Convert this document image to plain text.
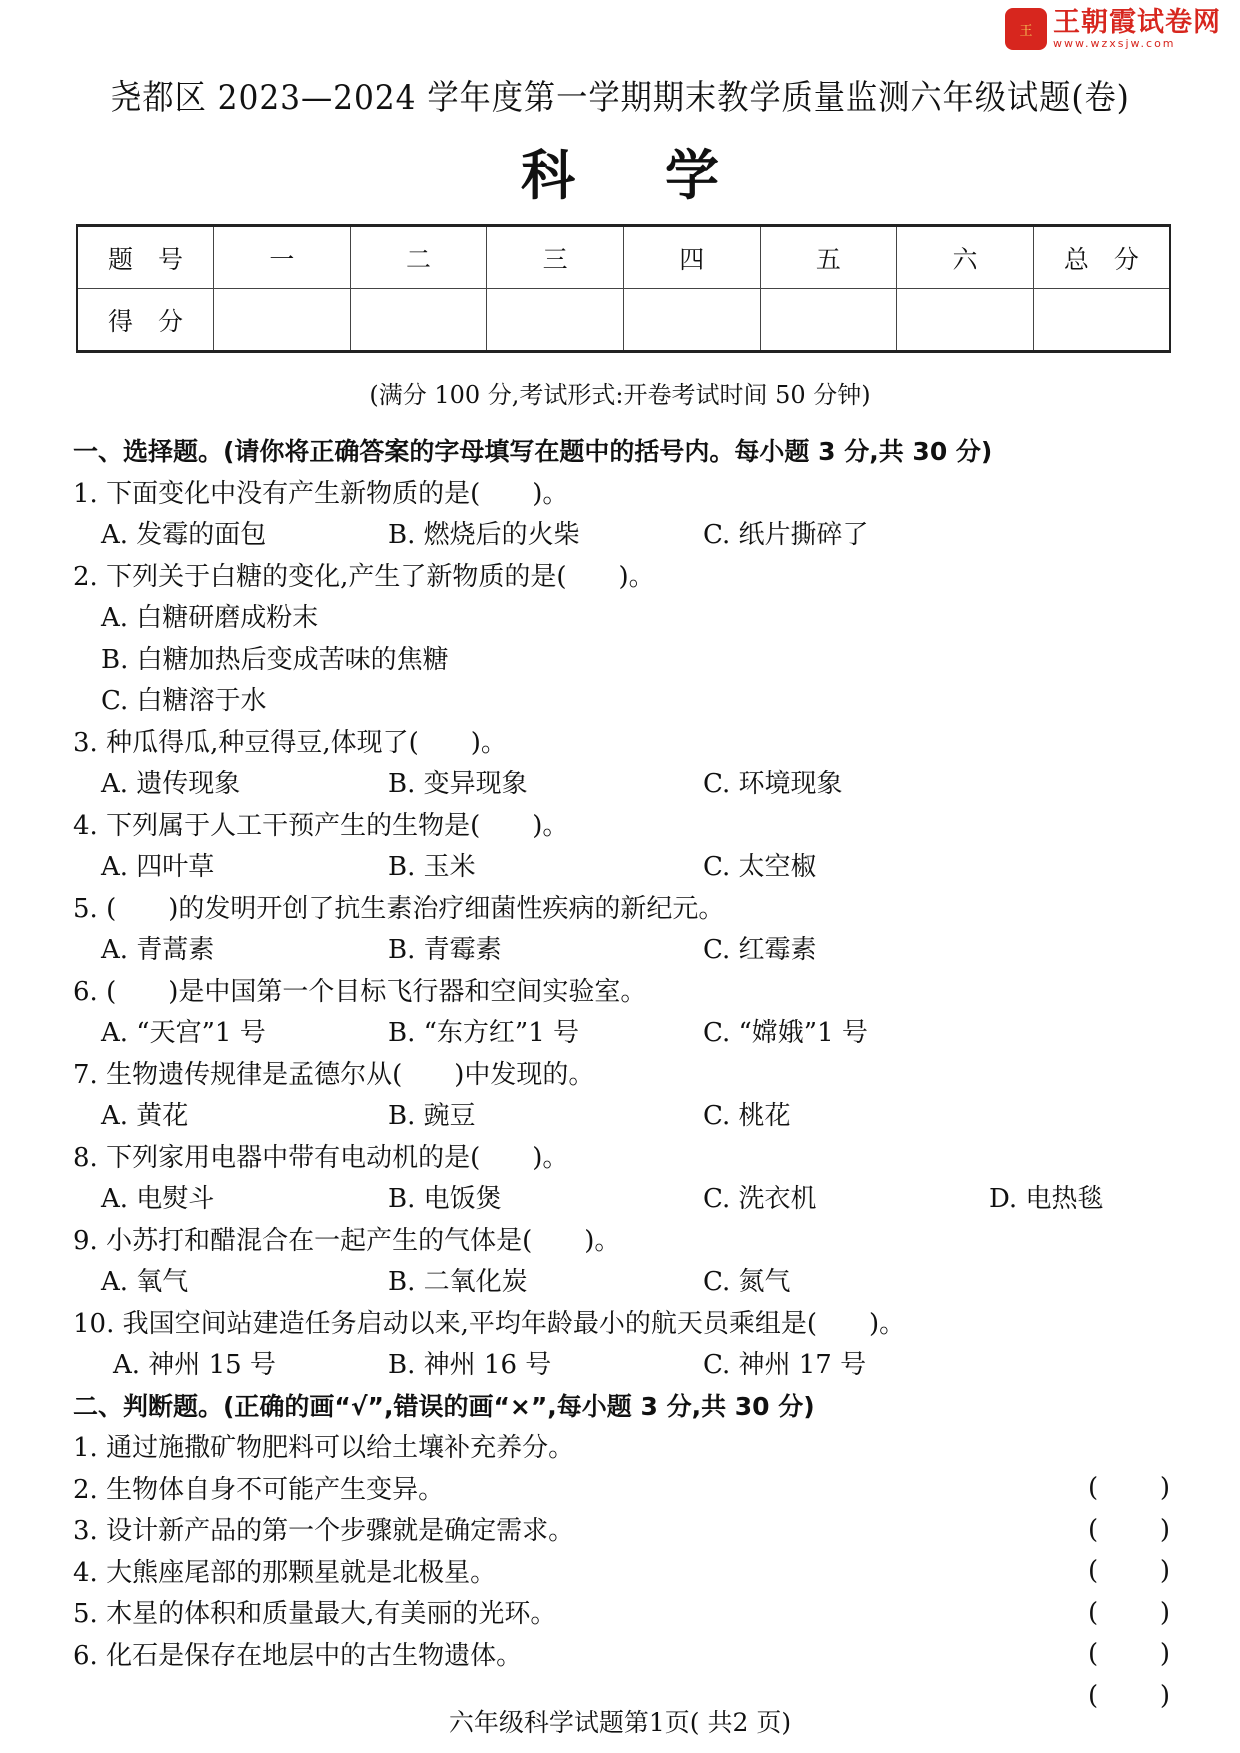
王 王朝霞试卷网
www.wzxsjw.com
尧都区 2023—2024 学年度第一学期期末教学质量监测六年级试题(卷)
科学
题　号	一	二	三	四	五	六	总　分
得　分							
(满分 100 分,考试形式:开卷考试时间 50 分钟)
一、选择题。(请你将正确答案的字母填写在题中的括号内。每小题 3 分,共 30 分)
1. 下面变化中没有产生新物质的是(　　)。
A. 发霉的面包	B. 燃烧后的火柴	C. 纸片撕碎了
2. 下列关于白糖的变化,产生了新物质的是(　　)。
A. 白糖研磨成粉末
B. 白糖加热后变成苦味的焦糖
C. 白糖溶于水
3. 种瓜得瓜,种豆得豆,体现了(　　)。
A. 遗传现象	B. 变异现象	C. 环境现象
4. 下列属于人工干预产生的生物是(　　)。
A. 四叶草	B. 玉米	C. 太空椒
5. (　　)的发明开创了抗生素治疗细菌性疾病的新纪元。
A. 青蒿素	B. 青霉素	C. 红霉素
6. (　　)是中国第一个目标飞行器和空间实验室。
A. “天宫”1 号	B. “东方红”1 号	C. “嫦娥”1 号
7. 生物遗传规律是孟德尔从(　　)中发现的。
A. 黄花	B. 豌豆	C. 桃花
8. 下列家用电器中带有电动机的是(　　)。
A. 电熨斗	B. 电饭煲	C. 洗衣机	D. 电热毯
9. 小苏打和醋混合在一起产生的气体是(　　)。
A. 氧气	B. 二氧化炭	C. 氮气
10. 我国空间站建造任务启动以来,平均年龄最小的航天员乘组是(　　)。
A. 神州 15 号	B. 神州 16 号	C. 神州 17 号
二、判断题。(正确的画“√”,错误的画“×”,每小题 3 分,共 30 分)
1. 通过施撒矿物肥料可以给土壤补充养分。
( )
2. 生物体自身不可能产生变异。
( )
3. 设计新产品的第一个步骤就是确定需求。
( )
4. 大熊座尾部的那颗星就是北极星。
( )
5. 木星的体积和质量最大,有美丽的光环。
( )
6. 化石是保存在地层中的古生物遗体。
( )
六年级科学试题第1页( 共2 页)
